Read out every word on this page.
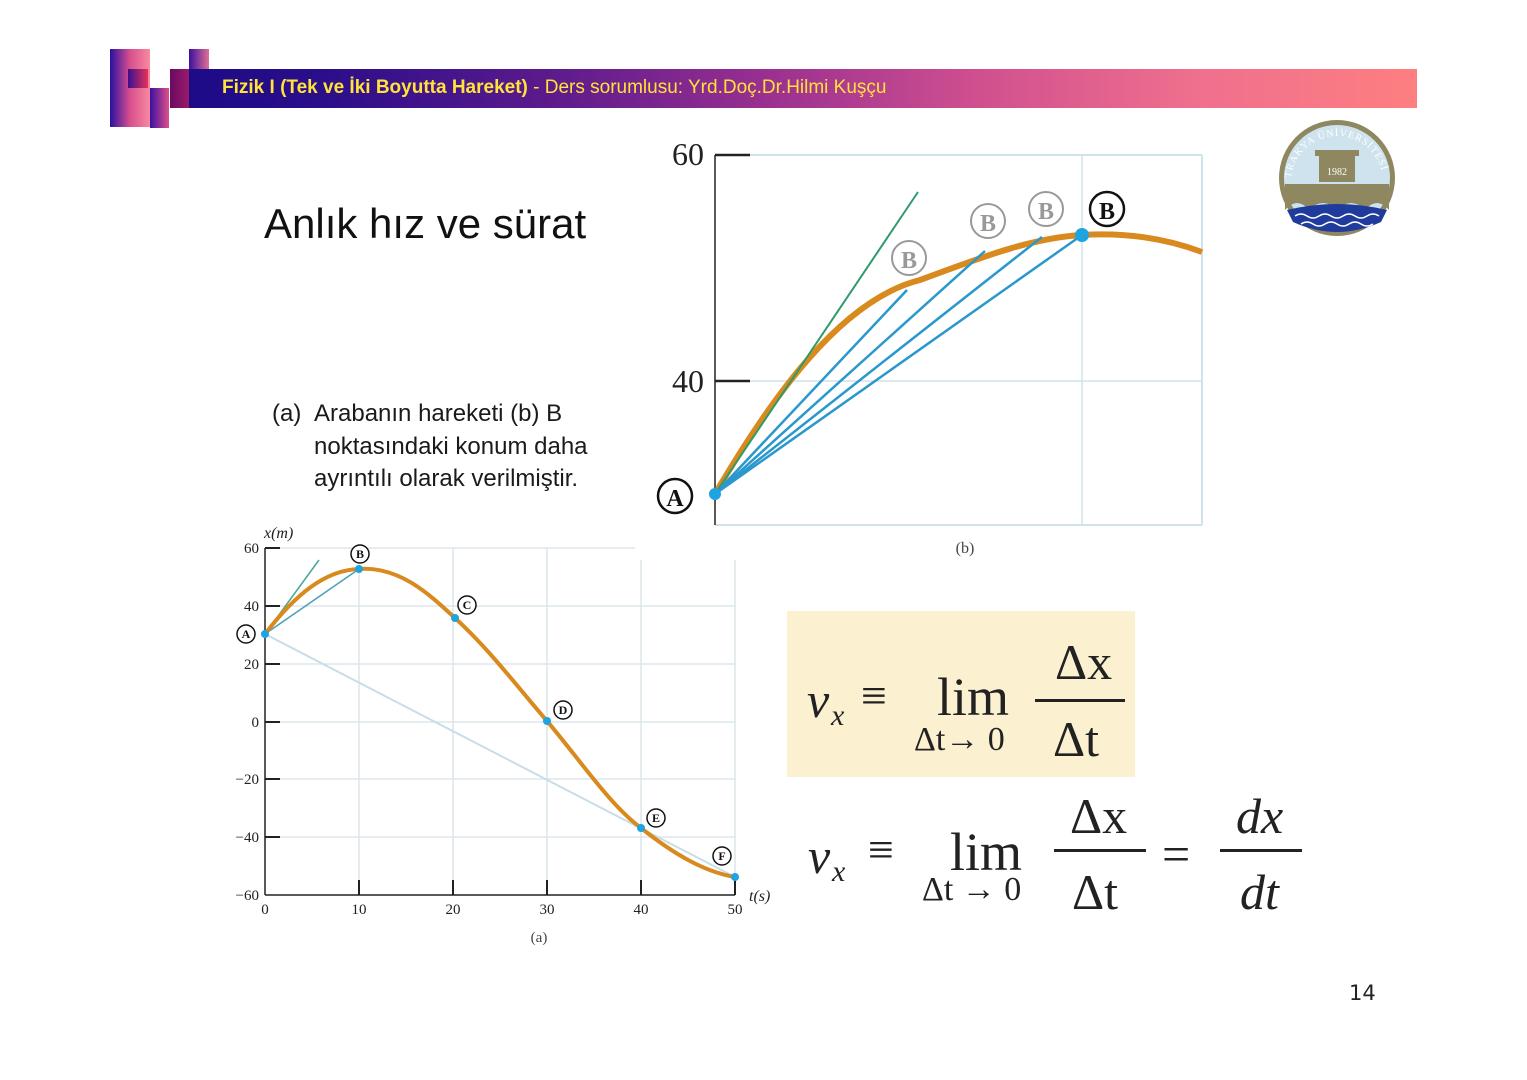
Fizik I (Tek ve İki Boyutta Hareket) - Ders sorumlusu: Yrd.Doç.Dr.Hilmi Kuşçu
1982
TRAKYA ÜNİVERSİTESİ
Anlık hız ve sürat
(a) Arabanın hareketi (b) B
noktasındaki konum daha
ayrıntılı olarak verilmiştir.
60
40
A
B
B B B
(b)
60
40
20
0
−20
−40
−60
0	10	20	30	40	50
x(m)
t(s)
(a)
A
B
C
D
E
F
v x ≡ lim
Δt→ 0
Δx
Δt
v x ≡ lim
Δt → 0
Δx
Δt
=
dx
dt
14
